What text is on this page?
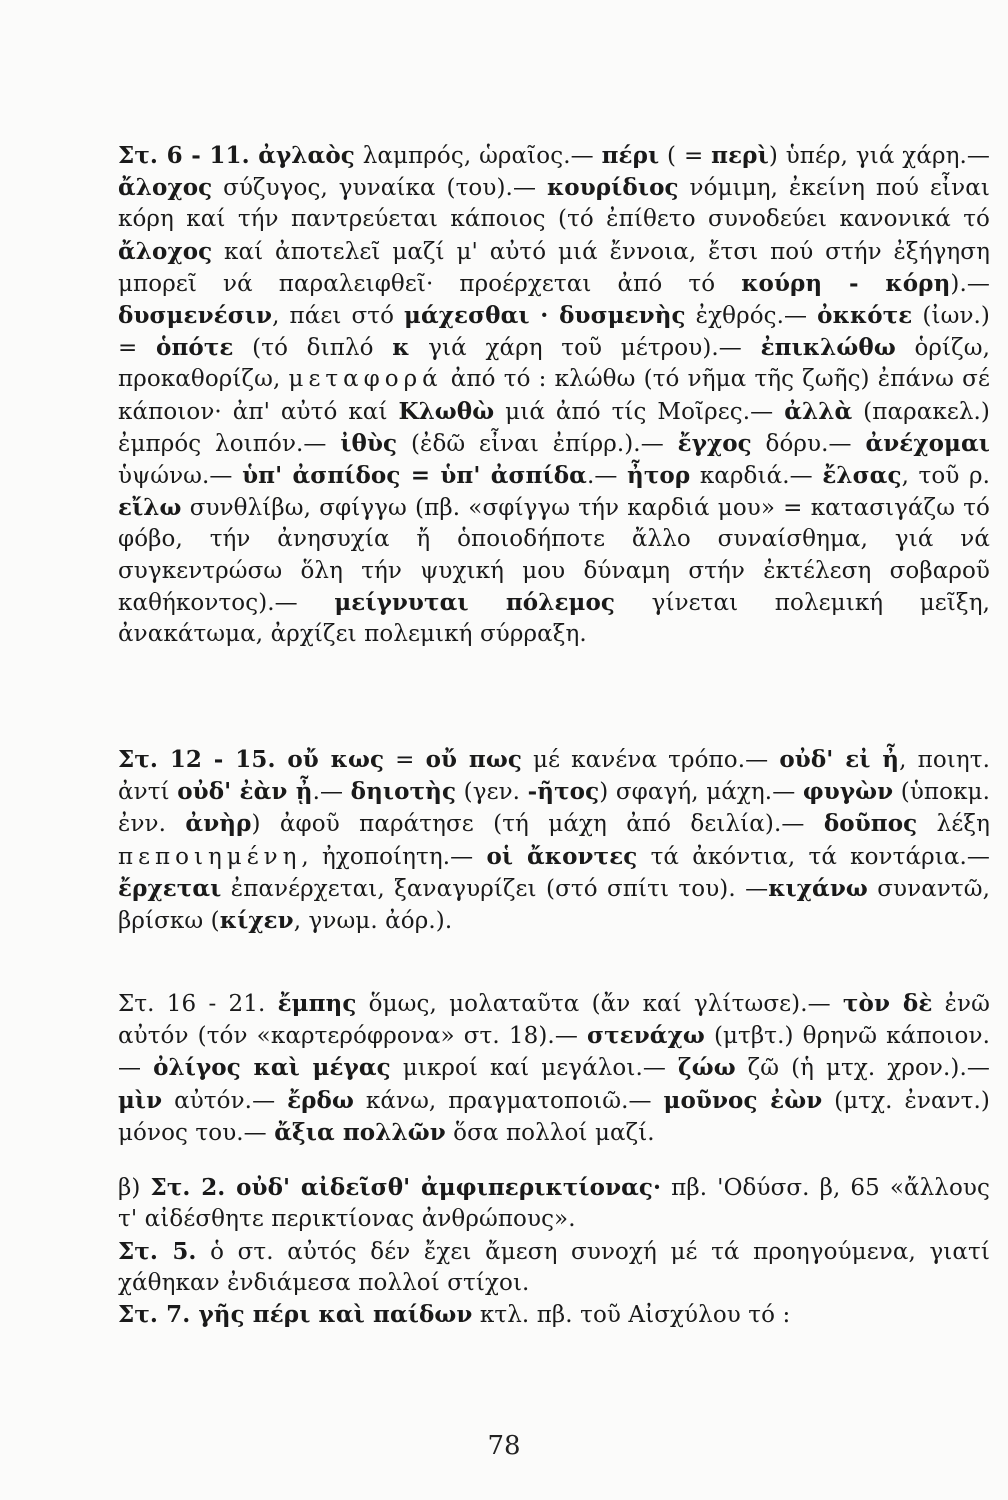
Στ. 6 - 11. ἀγλαὸς λαμπρός, ὡραῖος.— πέρι ( = περὶ) ὑπέρ, γιά χάρη.— ἄλοχος σύζυγος, γυναίκα (του).— κουρίδιος νόμιμη, ἐκείνη πού εἶναι κόρη καί τήν παντρεύεται κάποιος (τό ἐπίθετο συνοδεύει κανονικά τό ἄλοχος καί ἀποτελεῖ μαζί μ' αὐτό μιά ἔννοια, ἔτσι πού στήν ἐξήγηση μπορεῖ νά παραλειφθεῖ· προέρχεται ἀπό τό κούρη - κόρη).— δυσμενέσιν, πάει στό μάχεσθαι · δυσμενὴς ἐχθρός.— ὀκκότε (ἰων.) = ὁπότε (τό διπλό κ γιά χάρη τοῦ μέτρου).— ἐπικλώθω ὁρίζω, προκαθορίζω, μεταφορά ἀπό τό : κλώθω (τό νῆμα τῆς ζωῆς) ἐπάνω σέ κάποιον· ἀπ' αὐτό καί Κλωθὼ μιά ἀπό τίς Μοῖρες.— ἀλλὰ (παρακελ.) ἐμπρός λοιπόν.— ἰθὺς (ἐδῶ εἶναι ἐπίρρ.).— ἔγχος δόρυ.— ἀνέχομαι ὑψώνω.— ὑπ' ἀσπίδος = ὑπ' ἀσπίδα.— ἦτορ καρδιά.— ἔλσας, τοῦ ρ. εἴλω συνθλίβω, σφίγγω (πβ. «σφίγγω τήν καρδιά μου» = κατασιγάζω τό φόβο, τήν ἀνησυχία ἤ ὁποιοδήποτε ἄλλο συναίσθημα, γιά νά συγκεντρώσω ὅλη τήν ψυχική μου δύναμη στήν ἐκτέλεση σοβαροῦ καθήκοντος).— μείγνυται πόλεμος γίνεται πολεμική μεῖξη, ἀνακάτωμα, ἀρχίζει πολεμική σύρραξη.
Στ. 12 - 15. οὔ κως = οὔ πως μέ κανένα τρόπο.— οὐδ' εἰ ἦ, ποιητ. ἀντί οὐδ' ἐὰν ᾖ.— δηιοτὴς (γεν. -ῆτος) σφαγή, μάχη.— φυγὼν (ὑποκμ. ἐνν. ἀνὴρ) ἀφοῦ παράτησε (τή μάχη ἀπό δειλία).— δοῦπος λέξη πεποιημένη, ἠχοποίητη.— οἱ ἄκοντες τά ἀκόντια, τά κοντάρια.— ἔρχεται ἐπανέρχεται, ξαναγυρίζει (στό σπίτι του). —κιχάνω συναντῶ, βρίσκω (κίχεν, γνωμ. ἀόρ.).
Στ. 16 - 21. ἔμπης ὅμως, μολαταῦτα (ἄν καί γλίτωσε).— τὸν δὲ ἐνῶ αὐτόν (τόν «καρτερόφρονα» στ. 18).— στενάχω (μτβτ.) θρηνῶ κάποιον.— ὀλίγος καὶ μέγας μικροί καί μεγάλοι.— ζώω ζῶ (ἡ μτχ. χρον.).— μὶν αὐτόν.— ἔρδω κάνω, πραγματοποιῶ.— μοῦνος ἐὼν (μτχ. ἐναντ.) μόνος του.— ἄξια πολλῶν ὅσα πολλοί μαζί.
β) Στ. 2. οὐδ' αἰδεῖσθ' ἀμφιπερικτίονας· πβ. 'Οδύσσ. β, 65 «ἄλλους τ' αἰδέσθητε περικτίονας ἀνθρώπους».
Στ. 5. ὁ στ. αὐτός δέν ἔχει ἄμεση συνοχή μέ τά προηγούμενα, γιατί χάθηκαν ἐνδιάμεσα πολλοί στίχοι.
Στ. 7. γῆς πέρι καὶ παίδων κτλ. πβ. τοῦ Αἰσχύλου τό :
78
